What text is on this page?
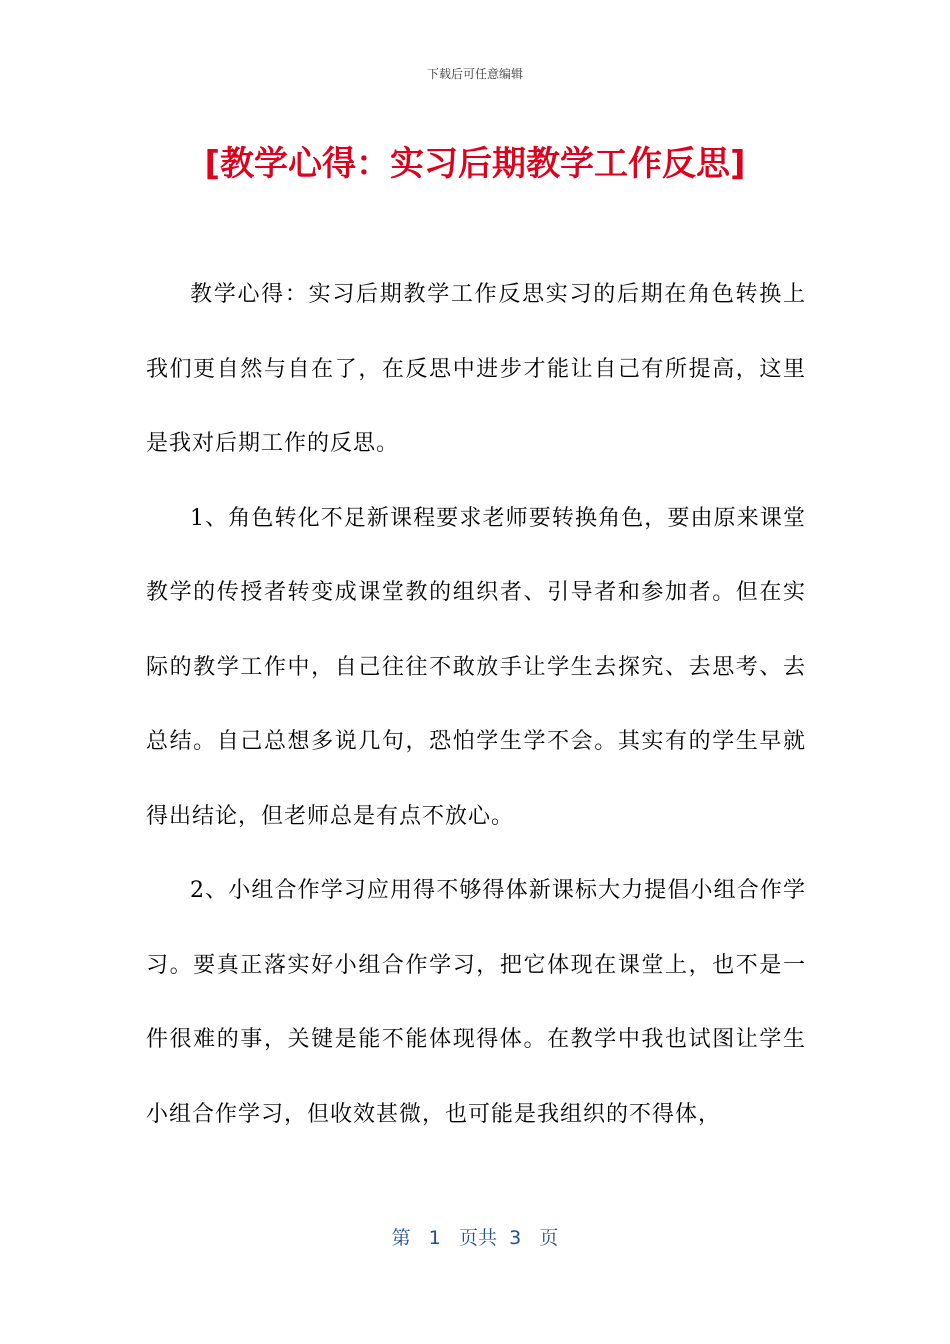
下载后可任意编辑
[教学心得：实习后期教学工作反思]

教学心得：实习后期教学工作反思实习的后期在角色转换上我们更自然与自在了，在反思中进步才能让自己有所提高，这里是我对后期工作的反思。

1、角色转化不足新课程要求老师要转换角色，要由原来课堂教学的传授者转变成课堂教的组织者、引导者和参加者。但在实际的教学工作中，自己往往不敢放手让学生去探究、去思考、去总结。自己总想多说几句，恐怕学生学不会。其实有的学生早就得出结论，但老师总是有点不放心。

2、小组合作学习应用得不够得体新课标大力提倡小组合作学习。要真正落实好小组合作学习，把它体现在课堂上，也不是一件很难的事，关键是能不能体现得体。在教学中我也试图让学生小组合作学习，但收效甚微，也可能是我组织的不得体，

第 1 页共 3 页
